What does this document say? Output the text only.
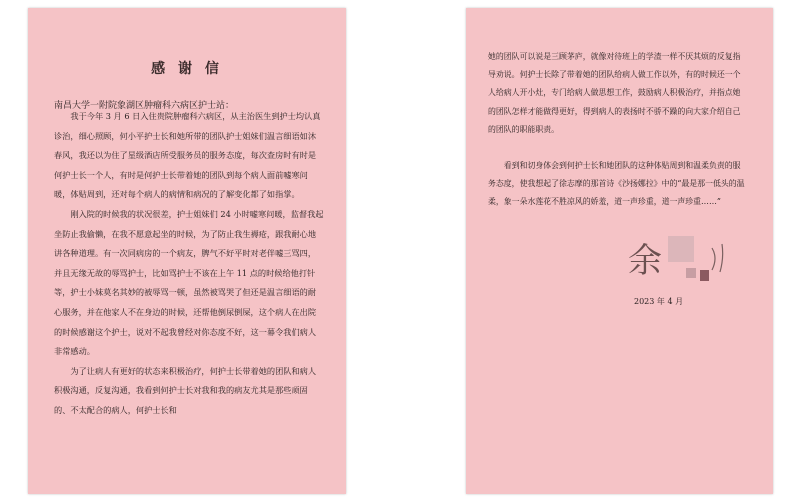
感 谢 信
南昌大学一附院象湖区肿瘤科六病区护士站：

我于今年 3 月 6 日入住贵院肿瘤科六病区，从主治医生到护士均认真诊治，细心照顾，何小平护士长和她所带的团队护士姐妹们温言细语如沐春风，我还以为住了星级酒店所受服务员的服务态度，每次查房时有时是何护士长一个人，有时是何护士长带着她的团队到每个病人面前嘘寒问暖，体贴周到，还对每个病人的病情和病况的了解变化都了如指掌。

刚入院的时候我的状况很差，护士姐妹们 24 小时嘘寒问暖，监督我起坐防止我偷懒，在我不愿意起坐的时候，为了防止我生褥疮，跟我耐心地讲各种道理。有一次同病房的一个病友，脾气不好平时对老伴嘘三骂四，并且无缘无故的辱骂护士，比如骂护士不该在上午 11 点的时候给他打针等，护士小妹莫名其妙的被辱骂一顿，虽然被骂哭了但还是温言细语的耐心服务，并在他家人不在身边的时候，还帮他倒尿倒屎，这个病人在出院的时候感谢这个护士，说对不起我曾经对你态度不好，这一幕令我们病人非常感动。

为了让病人有更好的状态来积极治疗，何护士长带着她的团队和病人积极沟通，反复沟通，我看到何护士长对我和我的病友尤其是那些顽固的、不太配合的病人，何护士长和

她的团队可以说是三顾茅庐，就像对待班上的学渣一样不厌其烦的反复指导劝说。何护士长除了带着她的团队给病人做工作以外，有的时候还一个人给病人开小灶，专门给病人做思想工作，鼓励病人积极治疗，并指点她的团队怎样才能做得更好，得到病人的表扬时不骄不躁的向大家介绍自己的团队的职能职责。

看到和切身体会到何护士长和她团队的这种体贴周到和温柔负责的服务态度，使我想起了徐志摩的那首诗《沙扬娜拉》中的“最是那一低头的温柔，象一朵水莲花不胜凉风的娇羞，道一声珍重，道一声珍重……”

余
2023 年 4 月
